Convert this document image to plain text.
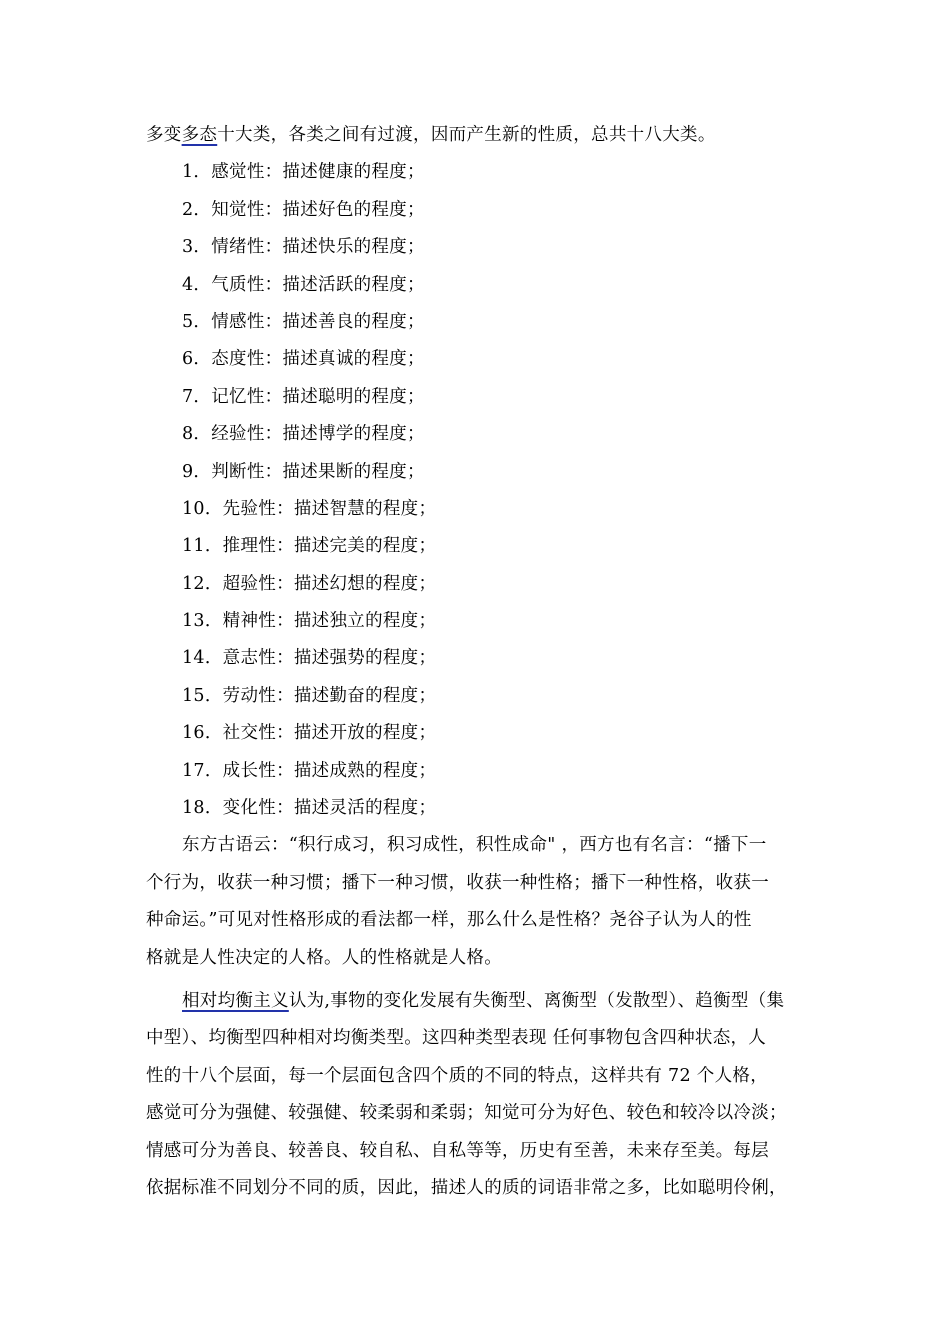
多变多态十大类，各类之间有过渡，因而产生新的性质，总共十八大类。
1．感觉性：描述健康的程度；
2．知觉性：描述好色的程度；
3．情绪性：描述快乐的程度；
4．气质性：描述活跃的程度；
5．情感性：描述善良的程度；
6．态度性：描述真诚的程度；
7．记忆性：描述聪明的程度；
8．经验性：描述博学的程度；
9．判断性：描述果断的程度；
10．先验性：描述智慧的程度；
11．推理性：描述完美的程度；
12．超验性：描述幻想的程度；
13．精神性：描述独立的程度；
14．意志性：描述强势的程度；
15．劳动性：描述勤奋的程度；
16．社交性：描述开放的程度；
17．成长性：描述成熟的程度；
18．变化性：描述灵活的程度；
东方古语云：“积行成习，积习成性，积性成命" ，西方也有名言：“播下一
个行为，收获一种习惯；播下一种习惯，收获一种性格；播下一种性格，收获一
种命运。”可见对性格形成的看法都一样，那么什么是性格？尧谷子认为人的性
格就是人性决定的人格。人的性格就是人格。
相对均衡主义认为,事物的变化发展有失衡型、离衡型（发散型）、趋衡型（集
中型）、均衡型四种相对均衡类型。这四种类型表现 任何事物包含四种状态，人
性的十八个层面，每一个层面包含四个质的不同的特点，这样共有 72 个人格，
感觉可分为强健、较强健、较柔弱和柔弱；知觉可分为好色、较色和较冷以冷淡；
情感可分为善良、较善良、较自私、自私等等，历史有至善，未来存至美。每层
依据标准不同划分不同的质，因此，描述人的质的词语非常之多，比如聪明伶俐，
